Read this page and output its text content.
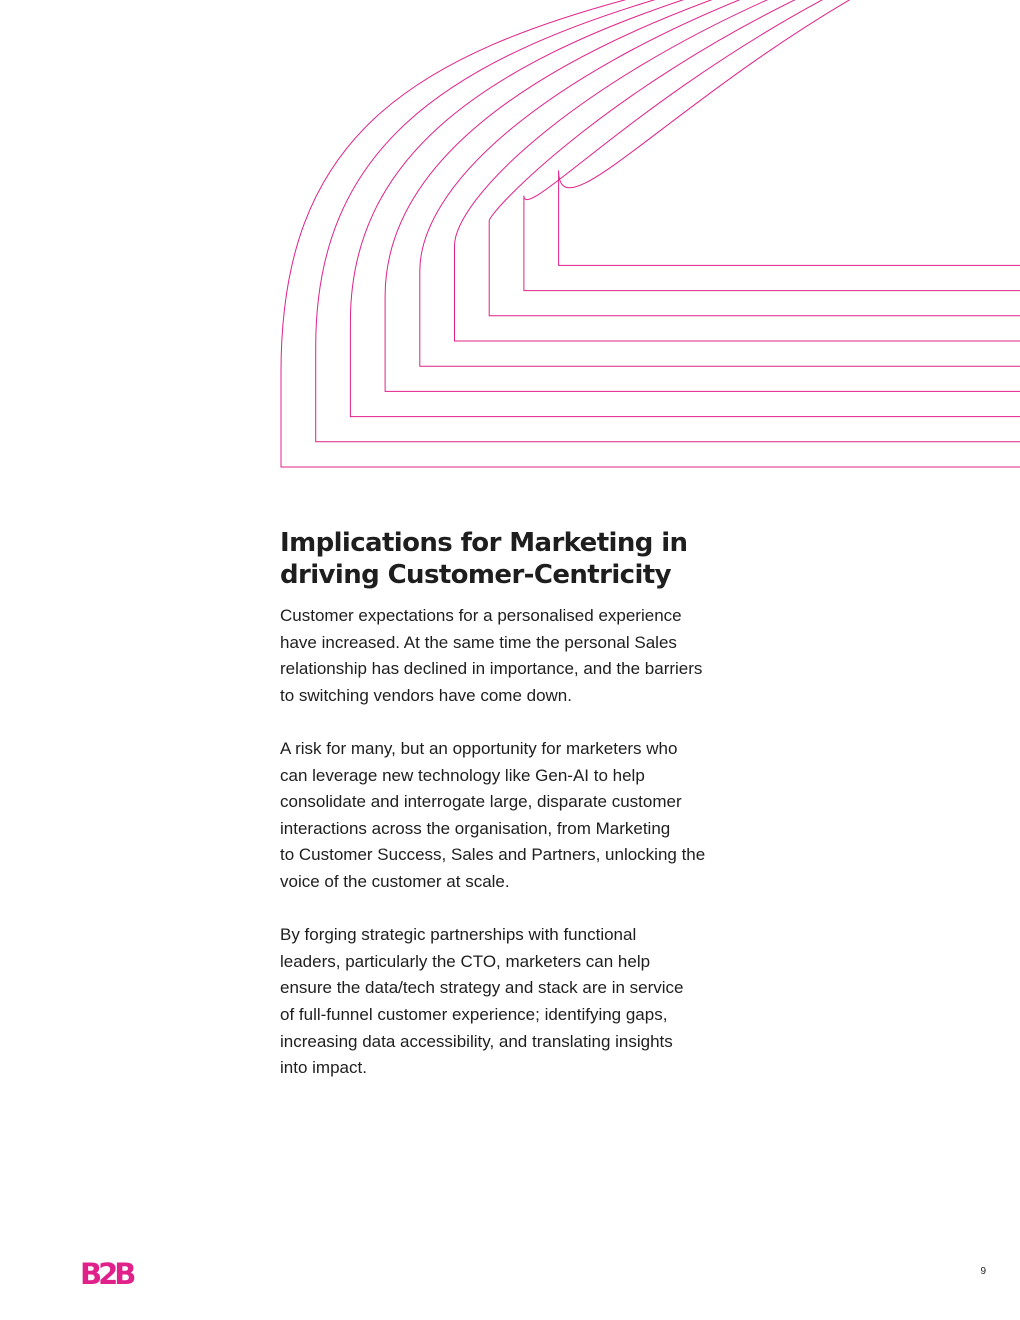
Implications for Marketing in
driving Customer-Centricity

Customer expectations for a personalised experience
have increased. At the same time the personal Sales
relationship has declined in importance, and the barriers
to switching vendors have come down.

A risk for many, but an opportunity for marketers who
can leverage new technology like Gen-AI to help
consolidate and interrogate large, disparate customer
interactions across the organisation, from Marketing
to Customer Success, Sales and Partners, unlocking the
voice of the customer at scale.

By forging strategic partnerships with functional
leaders, particularly the CTO, marketers can help
ensure the data/tech strategy and stack are in service
of full-funnel customer experience; identifying gaps,
increasing data accessibility, and translating insights
into impact.

B2B	9
